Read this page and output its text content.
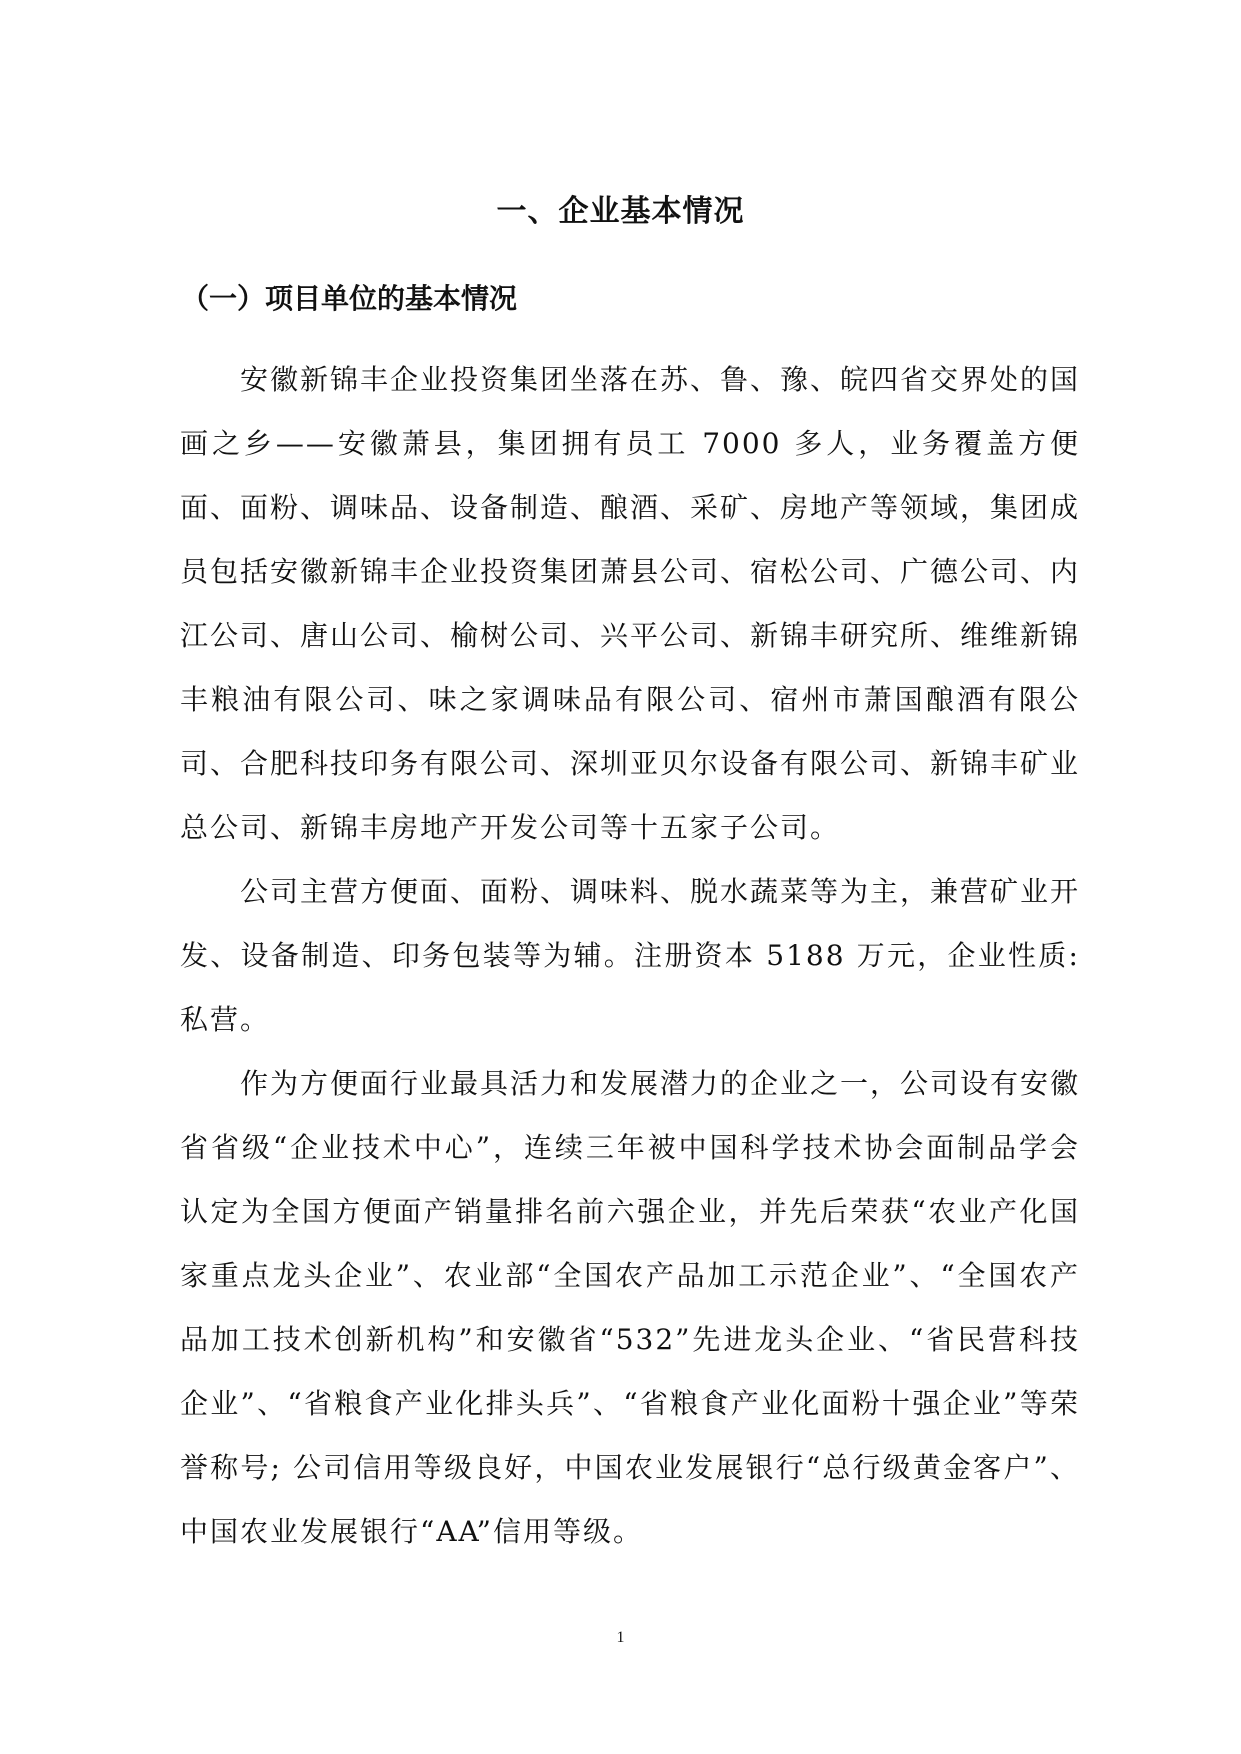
一、企业基本情况
（一）项目单位的基本情况

安徽新锦丰企业投资集团坐落在苏、鲁、豫、皖四省交界处的国画之乡——安徽萧县，集团拥有员工 7000 多人，业务覆盖方便面、面粉、调味品、设备制造、酿酒、采矿、房地产等领域，集团成员包括安徽新锦丰企业投资集团萧县公司、宿松公司、广德公司、内江公司、唐山公司、榆树公司、兴平公司、新锦丰研究所、维维新锦丰粮油有限公司、味之家调味品有限公司、宿州市萧国酿酒有限公司、合肥科技印务有限公司、深圳亚贝尔设备有限公司、新锦丰矿业总公司、新锦丰房地产开发公司等十五家子公司。

公司主营方便面、面粉、调味料、脱水蔬菜等为主，兼营矿业开发、设备制造、印务包装等为辅。注册资本 5188 万元，企业性质:私营。

作为方便面行业最具活力和发展潜力的企业之一，公司设有安徽省省级“企业技术中心”，连续三年被中国科学技术协会面制品学会认定为全国方便面产销量排名前六强企业，并先后荣获“农业产化国家重点龙头企业”、农业部“全国农产品加工示范企业”、“全国农产品加工技术创新机构”和安徽省“532”先进龙头企业、“省民营科技企业”、“省粮食产业化排头兵”、“省粮食产业化面粉十强企业”等荣誉称号; 公司信用等级良好，中国农业发展银行“总行级黄金客户”、中国农业发展银行“AA”信用等级。

1
